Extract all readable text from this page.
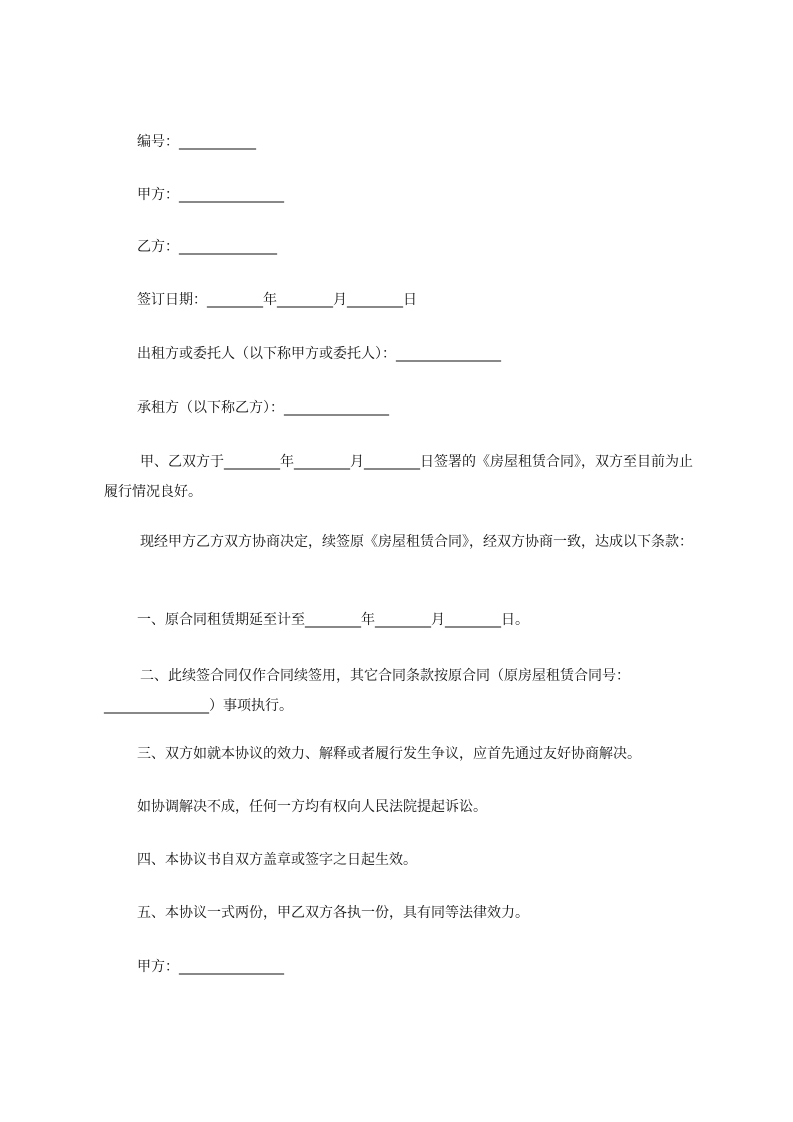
编号：___________
甲方：_______________
乙方：______________
签订日期：________年________月________日
出租方或委托人（以下称甲方或委托人）：_______________
承租方（以下称乙方）：_______________
甲、乙双方于________年________月________日签署的《房屋租赁合同》，双方至目前为止履行情况良好。
现经甲方乙方双方协商决定，续签原《房屋租赁合同》，经双方协商一致，达成以下条款：
一、原合同租赁期延至计至________年________月________日。
二、此续签合同仅作合同续签用，其它合同条款按原合同（原房屋租赁合同号：_______________）事项执行。
三、双方如就本协议的效力、解释或者履行发生争议，应首先通过友好协商解决。
如协调解决不成，任何一方均有权向人民法院提起诉讼。
四、本协议书自双方盖章或签字之日起生效。
五、本协议一式两份，甲乙双方各执一份，具有同等法律效力。
甲方：_______________
